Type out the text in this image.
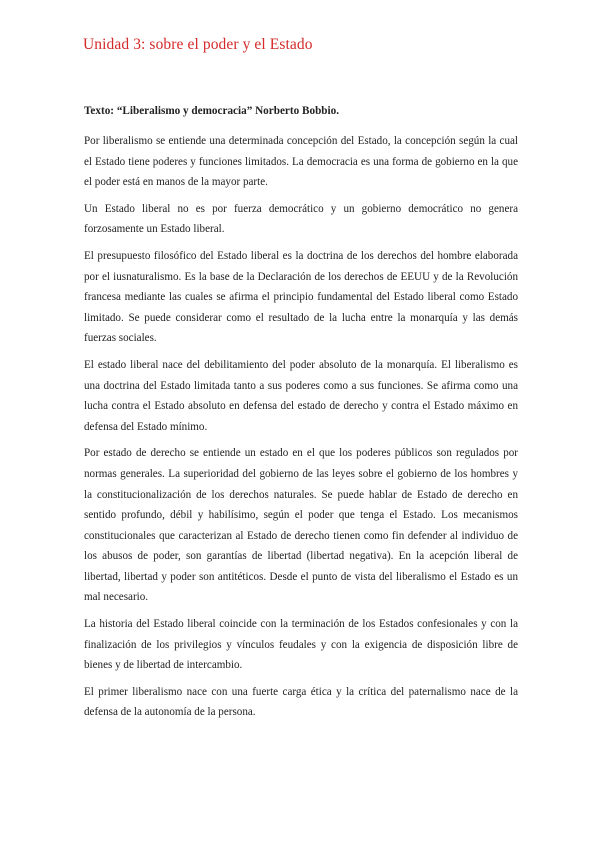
Unidad 3: sobre el poder y el Estado

Texto: “Liberalismo y democracia” Norberto Bobbio.

Por liberalismo se entiende una determinada concepción del Estado, la concepción según la cual el Estado tiene poderes y funciones limitados. La democracia es una forma de gobierno en la que el poder está en manos de la mayor parte.

Un Estado liberal no es por fuerza democrático y un gobierno democrático no genera forzosamente un Estado liberal.

El presupuesto filosófico del Estado liberal es la doctrina de los derechos del hombre elaborada por el iusnaturalismo. Es la base de la Declaración de los derechos de EEUU y de la Revolución francesa mediante las cuales se afirma el principio fundamental del Estado liberal como Estado limitado. Se puede considerar como el resultado de la lucha entre la monarquía y las demás fuerzas sociales.

El estado liberal nace del debilitamiento del poder absoluto de la monarquía. El liberalismo es una doctrina del Estado limitada tanto a sus poderes como a sus funciones. Se afirma como una lucha contra el Estado absoluto en defensa del estado de derecho y contra el Estado máximo en defensa del Estado mínimo.

Por estado de derecho se entiende un estado en el que los poderes públicos son regulados por normas generales. La superioridad del gobierno de las leyes sobre el gobierno de los hombres y la constitucionalización de los derechos naturales. Se puede hablar de Estado de derecho en sentido profundo, débil y habilísimo, según el poder que tenga el Estado. Los mecanismos constitucionales que caracterizan al Estado de derecho tienen como fin defender al individuo de los abusos de poder, son garantías de libertad (libertad negativa). En la acepción liberal de libertad, libertad y poder son antitéticos. Desde el punto de vista del liberalismo el Estado es un mal necesario.

La historia del Estado liberal coincide con la terminación de los Estados confesionales y con la finalización de los privilegios y vínculos feudales y con la exigencia de disposición libre de bienes y de libertad de intercambio.

El primer liberalismo nace con una fuerte carga ética y la crítica del paternalismo nace de la defensa de la autonomía de la persona.
